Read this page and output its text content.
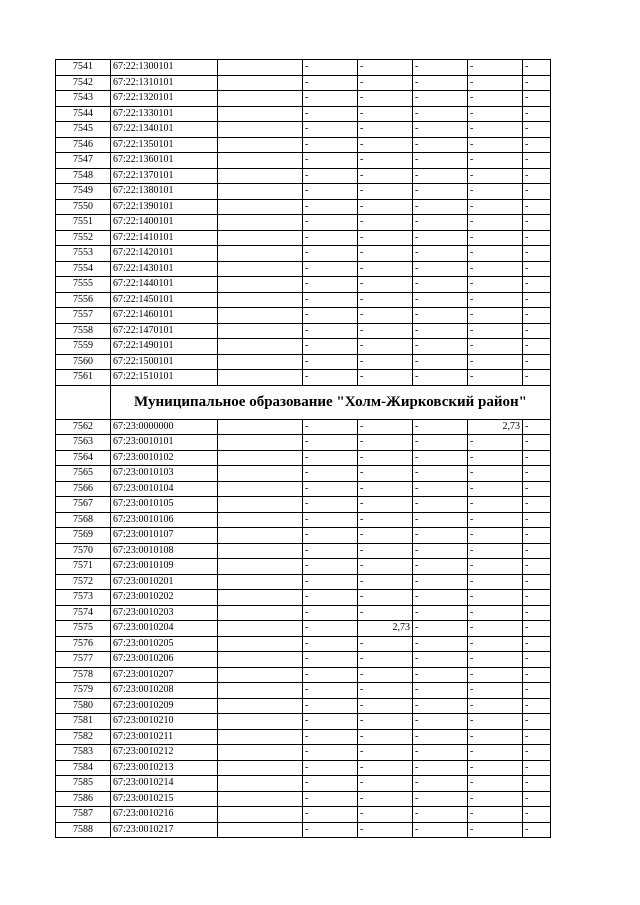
7541	67:22:1300101		-	-	-	-	-
7542	67:22:1310101		-	-	-	-	-
7543	67:22:1320101		-	-	-	-	-
7544	67:22:1330101		-	-	-	-	-
7545	67:22:1340101		-	-	-	-	-
7546	67:22:1350101		-	-	-	-	-
7547	67:22:1360101		-	-	-	-	-
7548	67:22:1370101		-	-	-	-	-
7549	67:22:1380101		-	-	-	-	-
7550	67:22:1390101		-	-	-	-	-
7551	67:22:1400101		-	-	-	-	-
7552	67:22:1410101		-	-	-	-	-
7553	67:22:1420101		-	-	-	-	-
7554	67:22:1430101		-	-	-	-	-
7555	67:22:1440101		-	-	-	-	-
7556	67:22:1450101		-	-	-	-	-
7557	67:22:1460101		-	-	-	-	-
7558	67:22:1470101		-	-	-	-	-
7559	67:22:1490101		-	-	-	-	-
7560	67:22:1500101		-	-	-	-	-
7561	67:22:1510101		-	-	-	-	-
	Муниципальное образование "Холм-Жирковский район"						
7562	67:23:0000000		-	-	-	2,73	-
7563	67:23:0010101		-	-	-	-	-
7564	67:23:0010102		-	-	-	-	-
7565	67:23:0010103		-	-	-	-	-
7566	67:23:0010104		-	-	-	-	-
7567	67:23:0010105		-	-	-	-	-
7568	67:23:0010106		-	-	-	-	-
7569	67:23:0010107		-	-	-	-	-
7570	67:23:0010108		-	-	-	-	-
7571	67:23:0010109		-	-	-	-	-
7572	67:23:0010201		-	-	-	-	-
7573	67:23:0010202		-	-	-	-	-
7574	67:23:0010203		-	-	-	-	-
7575	67:23:0010204		-	2,73	-	-	-
7576	67:23:0010205		-	-	-	-	-
7577	67:23:0010206		-	-	-	-	-
7578	67:23:0010207		-	-	-	-	-
7579	67:23:0010208		-	-	-	-	-
7580	67:23:0010209		-	-	-	-	-
7581	67:23:0010210		-	-	-	-	-
7582	67:23:0010211		-	-	-	-	-
7583	67:23:0010212		-	-	-	-	-
7584	67:23:0010213		-	-	-	-	-
7585	67:23:0010214		-	-	-	-	-
7586	67:23:0010215		-	-	-	-	-
7587	67:23:0010216		-	-	-	-	-
7588	67:23:0010217		-	-	-	-	-
